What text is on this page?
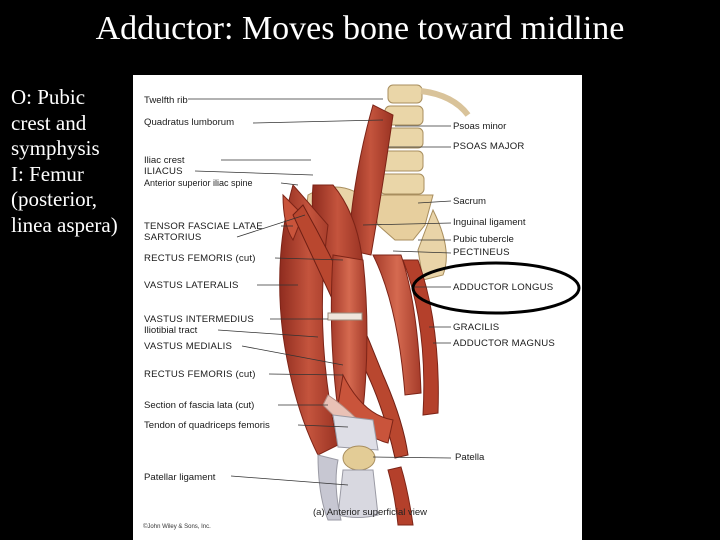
Adductor: Moves bone toward midline
O: Pubic
crest and
symphysis
I: Femur
(posterior,
linea aspera)
Twelfth rib
Quadratus lumborum
Iliac crest
ILIACUS
Anterior superior iliac spine
TENSOR FASCIAE LATAE
SARTORIUS
RECTUS FEMORIS (cut)
VASTUS LATERALIS
VASTUS INTERMEDIUS
Iliotibial tract
VASTUS MEDIALIS
RECTUS FEMORIS (cut)
Section of fascia lata (cut)
Tendon of quadriceps femoris
Patellar ligament
Psoas minor
PSOAS MAJOR
Sacrum
Inguinal ligament
Pubic tubercle
PECTINEUS
ADDUCTOR LONGUS
GRACILIS
ADDUCTOR MAGNUS
Patella
(a) Anterior superficial view
©John Wiley & Sons, Inc.
